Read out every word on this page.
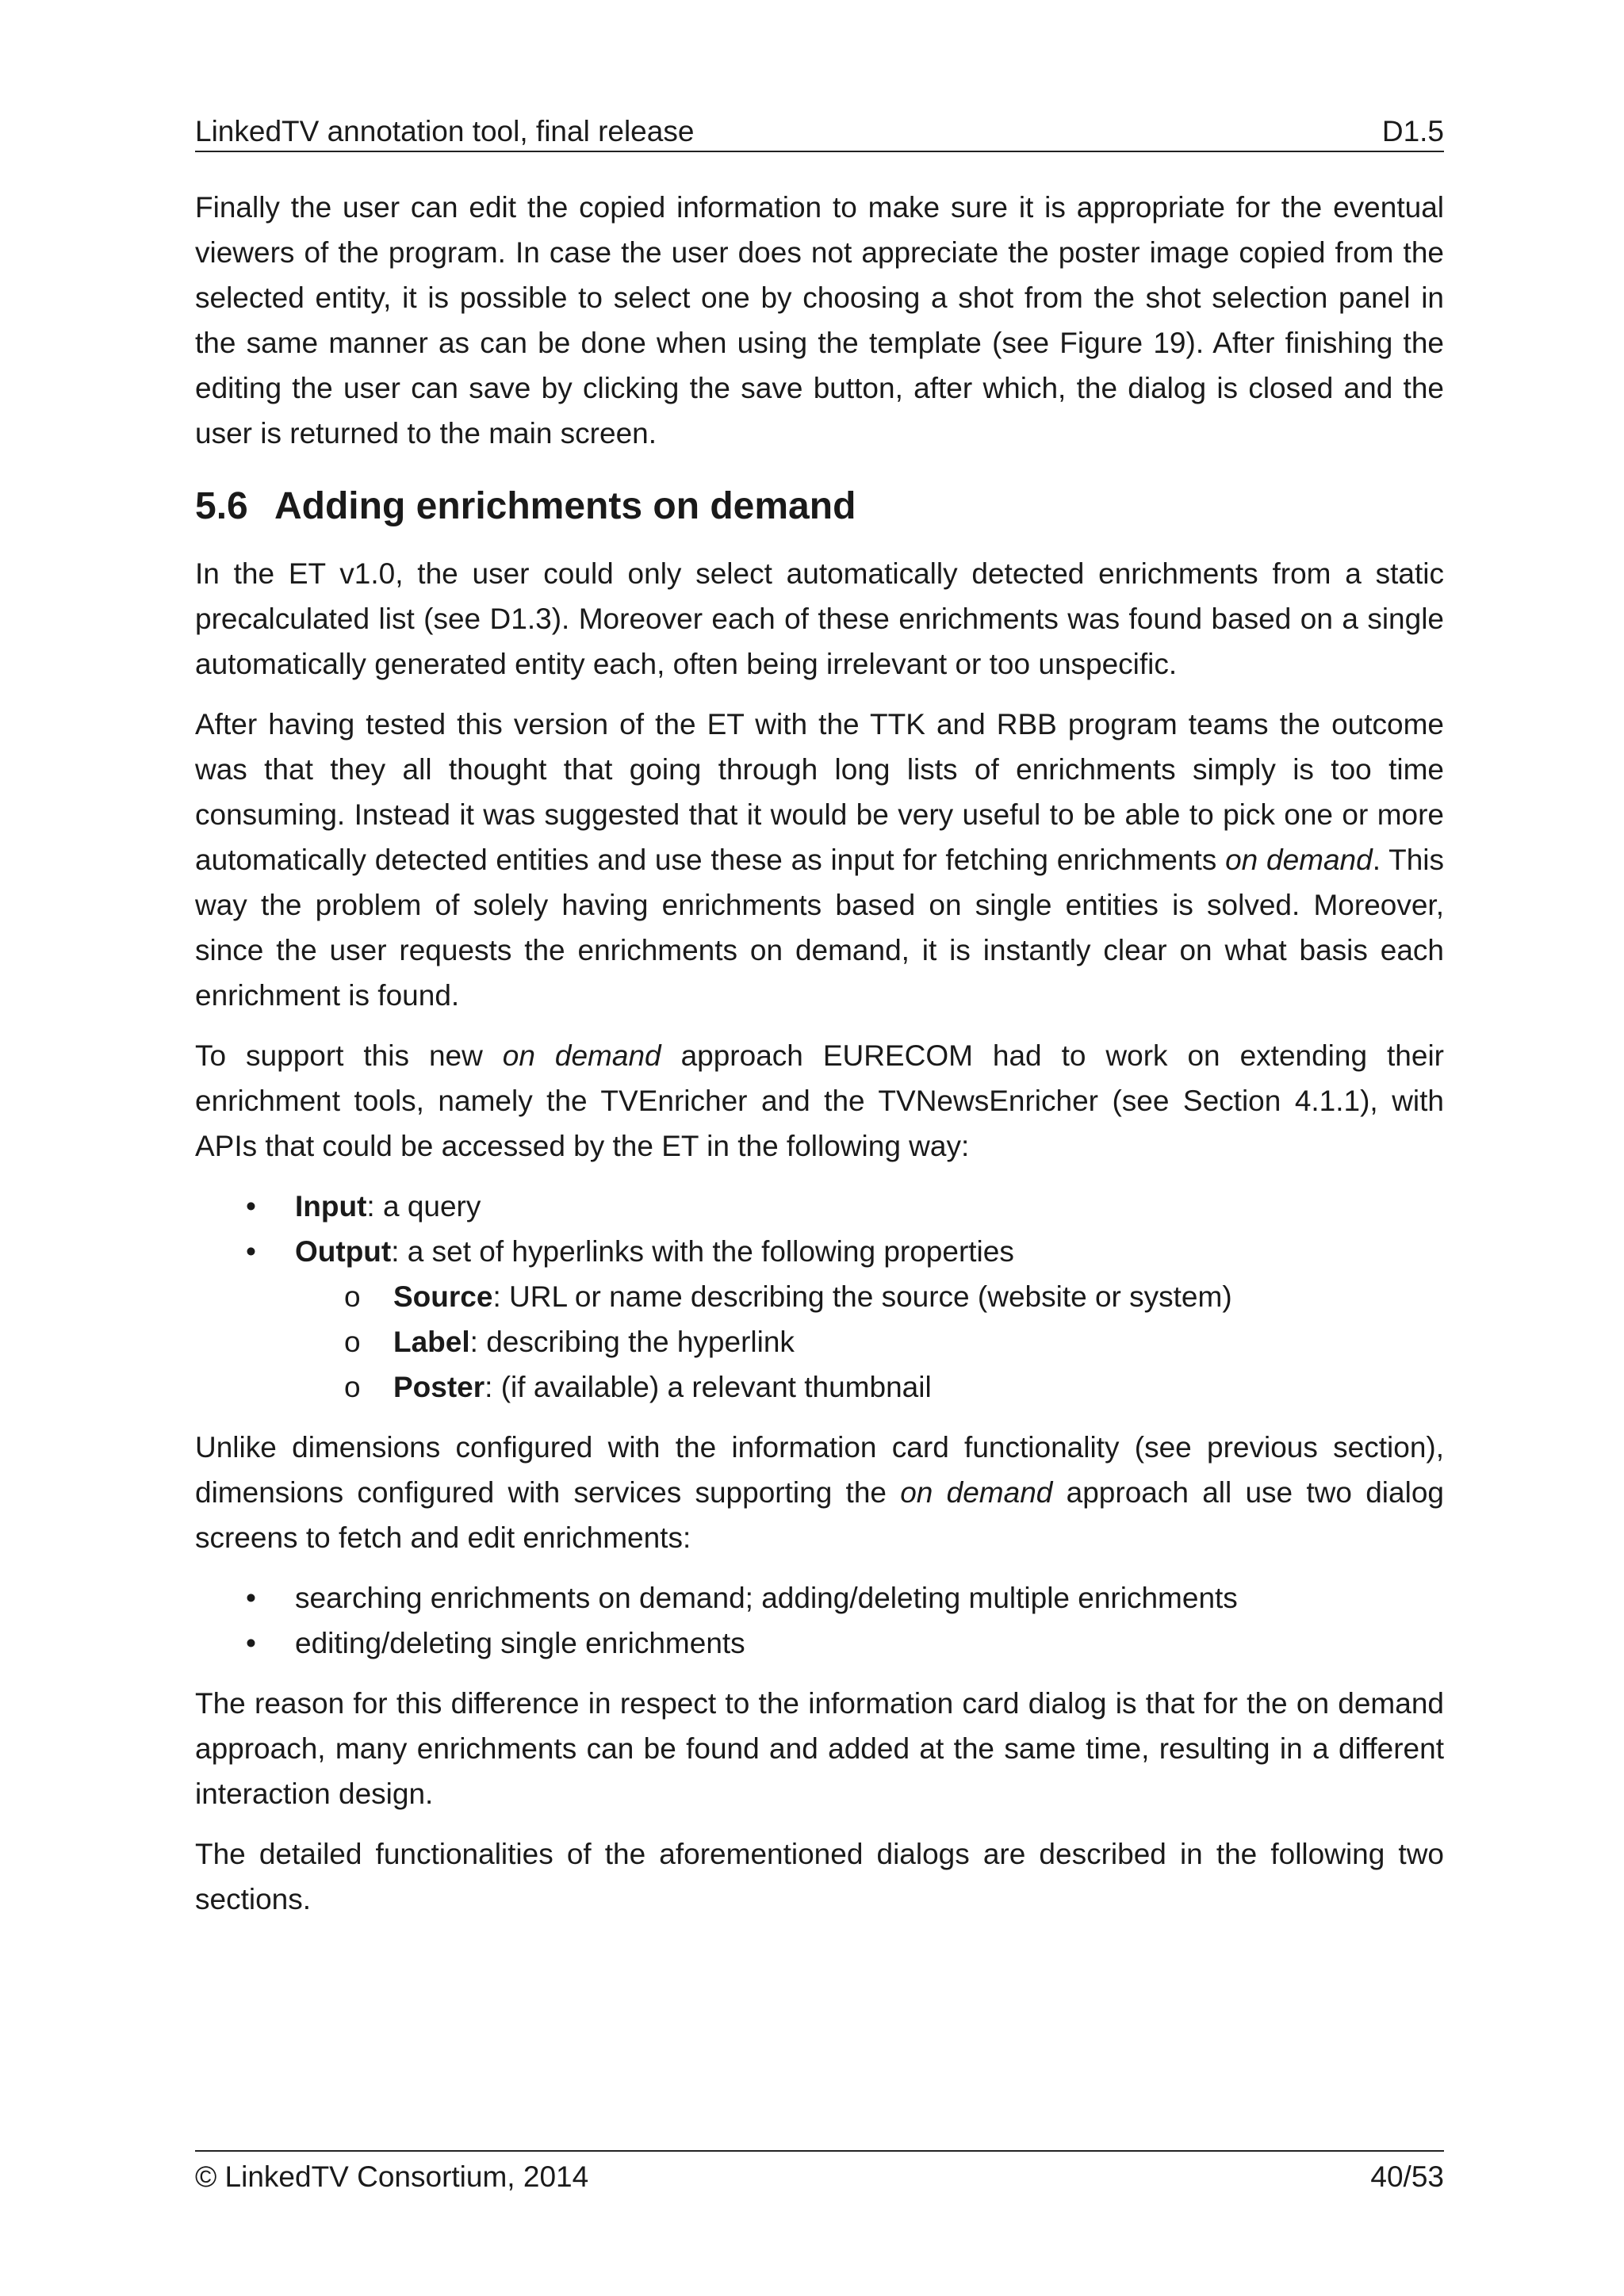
LinkedTV annotation tool, final release	D1.5

Finally the user can edit the copied information to make sure it is appropriate for the eventual viewers of the program. In case the user does not appreciate the poster image copied from the selected entity, it is possible to select one by choosing a shot from the shot selection panel in the same manner as can be done when using the template (see Figure 19). After finishing the editing the user can save by clicking the save button, after which, the dialog is closed and the user is returned to the main screen.

5.6 Adding enrichments on demand

In the ET v1.0, the user could only select automatically detected enrichments from a static precalculated list (see D1.3). Moreover each of these enrichments was found based on a single automatically generated entity each, often being irrelevant or too unspecific.

After having tested this version of the ET with the TTK and RBB program teams the outcome was that they all thought that going through long lists of enrichments simply is too time consuming. Instead it was suggested that it would be very useful to be able to pick one or more automatically detected entities and use these as input for fetching enrichments on demand. This way the problem of solely having enrichments based on single entities is solved. Moreover, since the user requests the enrichments on demand, it is instantly clear on what basis each enrichment is found.

To support this new on demand approach EURECOM had to work on extending their enrichment tools, namely the TVEnricher and the TVNewsEnricher (see Section 4.1.1), with APIs that could be accessed by the ET in the following way:

• Input: a query
• Output: a set of hyperlinks with the following properties
o Source: URL or name describing the source (website or system)
o Label: describing the hyperlink
o Poster: (if available) a relevant thumbnail

Unlike dimensions configured with the information card functionality (see previous section), dimensions configured with services supporting the on demand approach all use two dialog screens to fetch and edit enrichments:

• searching enrichments on demand; adding/deleting multiple enrichments
• editing/deleting single enrichments

The reason for this difference in respect to the information card dialog is that for the on demand approach, many enrichments can be found and added at the same time, resulting in a different interaction design.

The detailed functionalities of the aforementioned dialogs are described in the following two sections.

© LinkedTV Consortium, 2014	40/53
